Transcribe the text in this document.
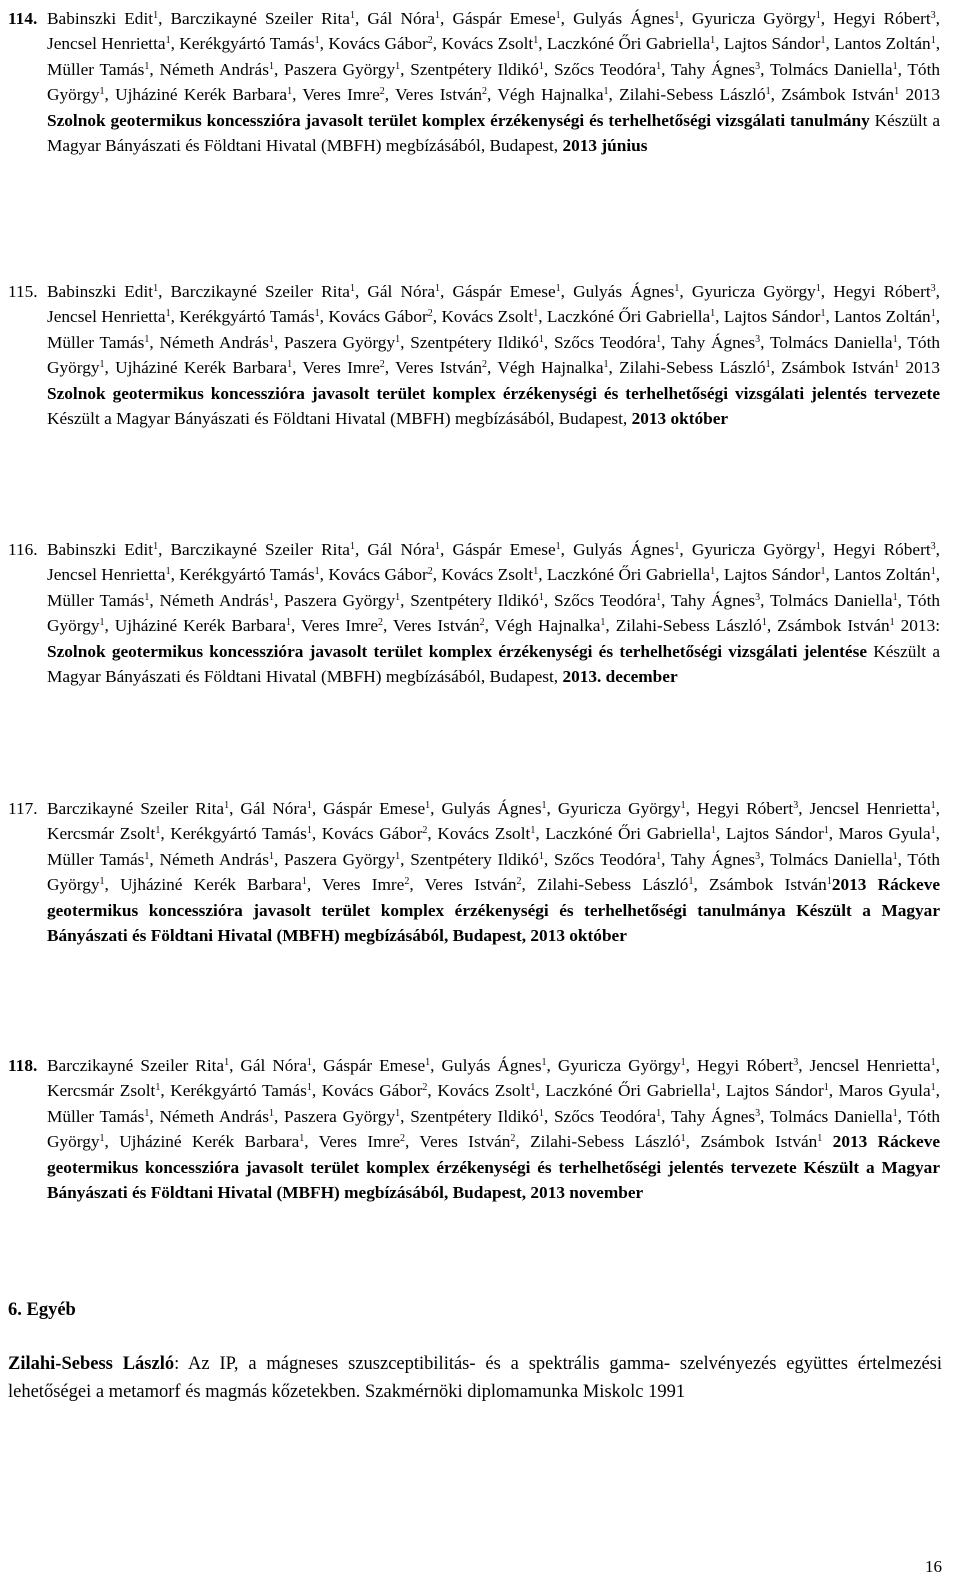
114. Babinszki Edit$^1$, Barczikayné Szeiler Rita$^1$, Gál Nóra$^1$, Gáspár Emese$^1$, Gulyás Ágnes$^1$, Gyuricza György$^1$, Hegyi Róbert$^3$, Jencsel Henrietta$^1$, Kerékgyártó Tamás$^1$, Kovács Gábor$^2$, Kovács Zsolt$^1$, Laczkóné Őri Gabriella$^1$, Lajtos Sándor$^1$, Lantos Zoltán$^1$, Müller Tamás$^1$, Németh András$^1$, Paszera György$^1$, Szentpétery Ildikó$^1$, Szőcs Teodóra$^1$, Tahy Ágnes$^3$, Tolmács Daniella$^1$, Tóth György$^1$, Ujháziné Kerék Barbara$^1$, Veres Imre$^2$, Veres István$^2$, Végh Hajnalka$^1$, Zilahi-Sebess László$^1$, Zsámbok István$^1$ 2013 Szolnok geotermikus koncesszióra javasolt terület komplex érzékenységi és terhelhetőségi vizsgálati tanulmány Készült a Magyar Bányászati és Földtani Hivatal (MBFH) megbízásából, Budapest, 2013 június
115. Babinszki Edit$^1$, Barczikayné Szeiler Rita$^1$, Gál Nóra$^1$, Gáspár Emese$^1$, Gulyás Ágnes$^1$, Gyuricza György$^1$, Hegyi Róbert$^3$, Jencsel Henrietta$^1$, Kerékgyártó Tamás$^1$, Kovács Gábor$^2$, Kovács Zsolt$^1$, Laczkóné Őri Gabriella$^1$, Lajtos Sándor$^1$, Lantos Zoltán$^1$, Müller Tamás$^1$, Németh András$^1$, Paszera György$^1$, Szentpétery Ildikó$^1$, Szőcs Teodóra$^1$, Tahy Ágnes$^3$, Tolmács Daniella$^1$, Tóth György$^1$, Ujháziné Kerék Barbara$^1$, Veres Imre$^2$, Veres István$^2$, Végh Hajnalka$^1$, Zilahi-Sebess László$^1$, Zsámbok István$^1$ 2013 Szolnok geotermikus koncesszióra javasolt terület komplex érzékenységi és terhelhetőségi vizsgálati jelentés tervezete Készült a Magyar Bányászati és Földtani Hivatal (MBFH) megbízásából, Budapest, 2013 október
116. Babinszki Edit$^1$, Barczikayné Szeiler Rita$^1$, Gál Nóra$^1$, Gáspár Emese$^1$, Gulyás Ágnes$^1$, Gyuricza György$^1$, Hegyi Róbert$^3$, Jencsel Henrietta$^1$, Kerékgyártó Tamás$^1$, Kovács Gábor$^2$, Kovács Zsolt$^1$, Laczkóné Őri Gabriella$^1$, Lajtos Sándor$^1$, Lantos Zoltán$^1$, Müller Tamás$^1$, Németh András$^1$, Paszera György$^1$, Szentpétery Ildikó$^1$, Szőcs Teodóra$^1$, Tahy Ágnes$^3$, Tolmács Daniella$^1$, Tóth György$^1$, Ujháziné Kerék Barbara$^1$, Veres Imre$^2$, Veres István$^2$, Végh Hajnalka$^1$, Zilahi-Sebess László$^1$, Zsámbok István$^1$ 2013: Szolnok geotermikus koncesszióra javasolt terület komplex érzékenységi és terhelhetőségi vizsgálati jelentése Készült a Magyar Bányászati és Földtani Hivatal (MBFH) megbízásából, Budapest, 2013. december
117. Barczikayné Szeiler Rita$^1$, Gál Nóra$^1$, Gáspár Emese$^1$, Gulyás Ágnes$^1$, Gyuricza György$^1$, Hegyi Róbert$^3$, Jencsel Henrietta$^1$, Kercsmár Zsolt$^1$, Kerékgyártó Tamás$^1$, Kovács Gábor$^2$, Kovács Zsolt$^1$, Laczkóné Őri Gabriella$^1$, Lajtos Sándor$^1$, Maros Gyula$^1$, Müller Tamás$^1$, Németh András$^1$, Paszera György$^1$, Szentpétery Ildikó$^1$, Szőcs Teodóra$^1$, Tahy Ágnes$^3$, Tolmács Daniella$^1$, Tóth György$^1$, Ujháziné Kerék Barbara$^1$, Veres Imre$^2$, Veres István$^2$, Zilahi-Sebess László$^1$, Zsámbok István$^1$2013 Ráckeve geotermikus koncesszióra javasolt terület komplex érzékenységi és terhelhetőségi tanulmánya Készült a Magyar Bányászati és Földtani Hivatal (MBFH) megbízásából, Budapest, 2013 október
118. Barczikayné Szeiler Rita$^1$, Gál Nóra$^1$, Gáspár Emese$^1$, Gulyás Ágnes$^1$, Gyuricza György$^1$, Hegyi Róbert$^3$, Jencsel Henrietta$^1$, Kercsmár Zsolt$^1$, Kerékgyártó Tamás$^1$, Kovács Gábor$^2$, Kovács Zsolt$^1$, Laczkóné Őri Gabriella$^1$, Lajtos Sándor$^1$, Maros Gyula$^1$, Müller Tamás$^1$, Németh András$^1$, Paszera György$^1$, Szentpétery Ildikó$^1$, Szőcs Teodóra$^1$, Tahy Ágnes$^3$, Tolmács Daniella$^1$, Tóth György$^1$, Ujháziné Kerék Barbara$^1$, Veres Imre$^2$, Veres István$^2$, Zilahi-Sebess László$^1$, Zsámbok István$^1$ 2013 Ráckeve geotermikus koncesszióra javasolt terület komplex érzékenységi és terhelhetőségi jelentés tervezete Készült a Magyar Bányászati és Földtani Hivatal (MBFH) megbízásából, Budapest, 2013 november
6. Egyéb
Zilahi-Sebess László: Az IP, a mágneses szuszceptibilitás- és a spektrális gamma- szelvényezés együttes értelmezési lehetőségei a metamorf és magmás kőzetekben. Szakmérnöki diplomamunka Miskolc 1991
16
